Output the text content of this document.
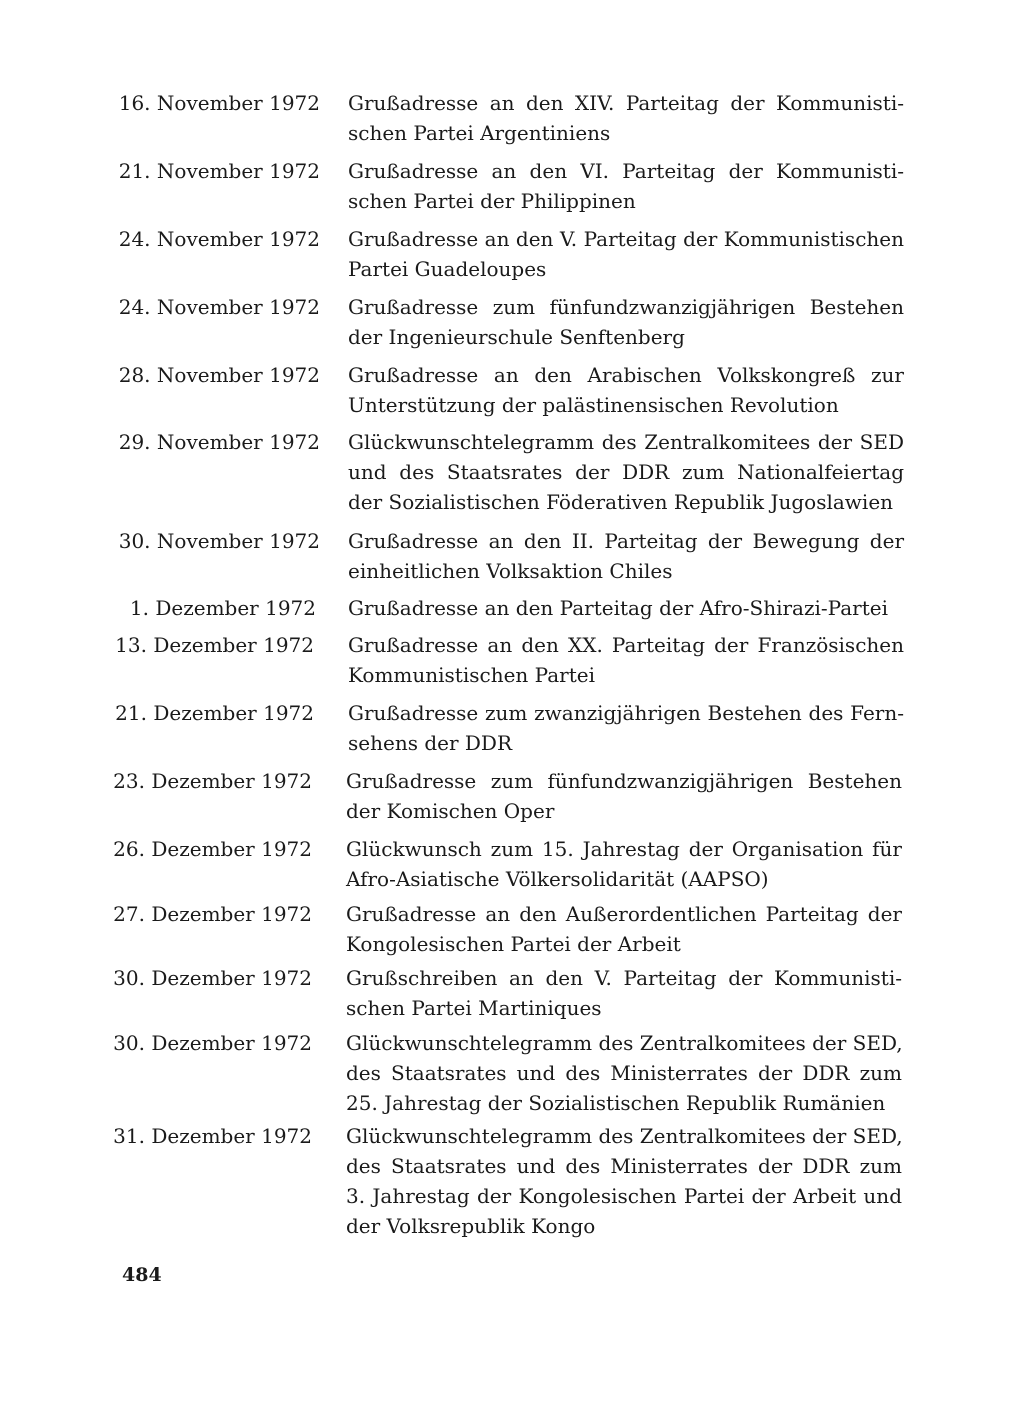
16. November 1972 Grußadresse an den XIV. Parteitag der Kommunisti-
schen Partei Argentiniens
21. November 1972 Grußadresse an den VI. Parteitag der Kommunisti-
schen Partei der Philippinen
24. November 1972 Grußadresse an den V. Parteitag der Kommunistischen
Partei Guadeloupes
24. November 1972 Grußadresse zum fünfundzwanzigjährigen Bestehen
der Ingenieurschule Senftenberg
28. November 1972 Grußadresse an den Arabischen Volkskongreß zur
Unterstützung der palästinensischen Revolution
29. November 1972 Glückwunschtelegramm des Zentralkomitees der SED
und des Staatsrates der DDR zum Nationalfeiertag
der Sozialistischen Föderativen Republik Jugoslawien
30. November 1972 Grußadresse an den II. Parteitag der Bewegung der
einheitlichen Volksaktion Chiles
1. Dezember 1972 Grußadresse an den Parteitag der Afro-Shirazi-Partei
13. Dezember 1972 Grußadresse an den XX. Parteitag der Französischen
Kommunistischen Partei
21. Dezember 1972 Grußadresse zum zwanzigjährigen Bestehen des Fern-
sehens der DDR
23. Dezember 1972 Grußadresse zum fünfundzwanzigjährigen Bestehen
der Komischen Oper
26. Dezember 1972 Glückwunsch zum 15. Jahrestag der Organisation für
Afro-Asiatische Völkersolidarität (AAPSO)
27. Dezember 1972 Grußadresse an den Außerordentlichen Parteitag der
Kongolesischen Partei der Arbeit
30. Dezember 1972 Grußschreiben an den V. Parteitag der Kommunisti-
schen Partei Martiniques
30. Dezember 1972 Glückwunschtelegramm des Zentralkomitees der SED,
des Staatsrates und des Ministerrates der DDR zum
25. Jahrestag der Sozialistischen Republik Rumänien
31. Dezember 1972 Glückwunschtelegramm des Zentralkomitees der SED,
des Staatsrates und des Ministerrates der DDR zum
3. Jahrestag der Kongolesischen Partei der Arbeit und
der Volksrepublik Kongo
484
